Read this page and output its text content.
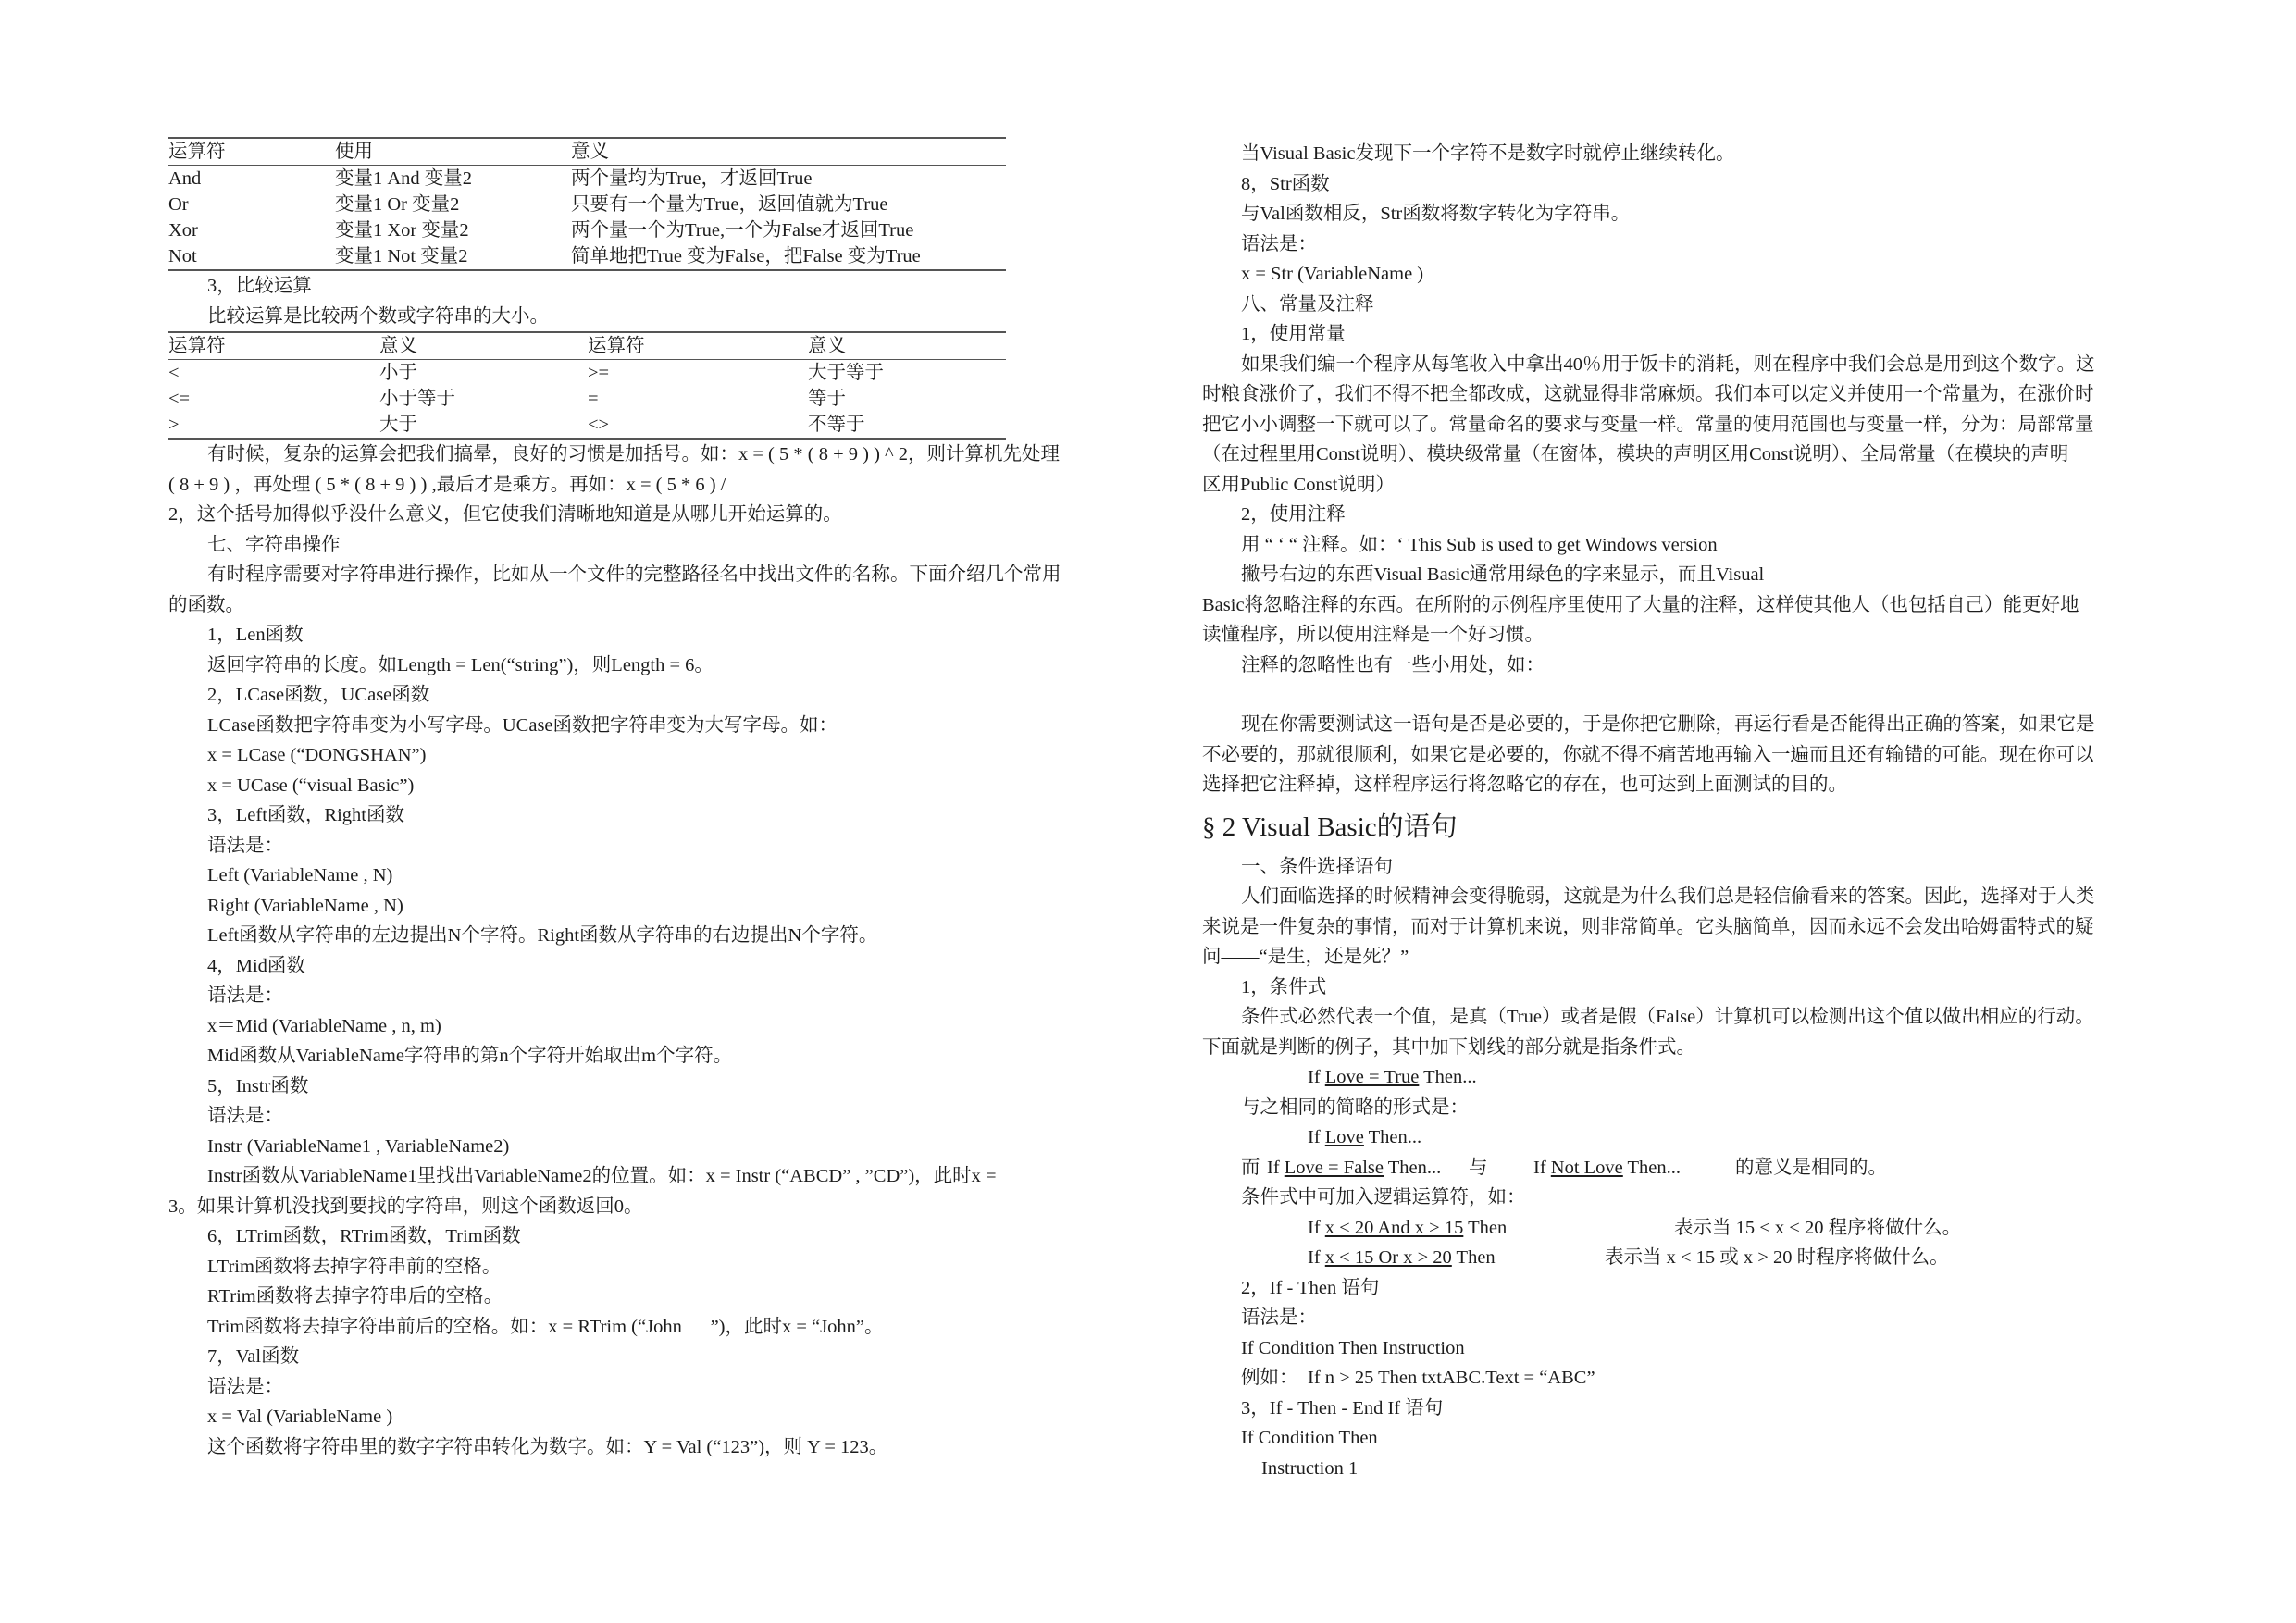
运算符	使用	意义
And	变量1 And 变量2	两个量均为True，才返回True
Or	变量1 Or 变量2	只要有一个量为True，返回值就为True
Xor	变量1 Xor 变量2	两个量一个为True,一个为False才返回True
Not	变量1 Not 变量2	简单地把True 变为False，把False 变为True
3，比较运算
比较运算是比较两个数或字符串的大小。
运算符	意义	运算符	意义
<	小于	>=	大于等于
<=	小于等于	=	等于
>	大于	<>	不等于
有时候，复杂的运算会把我们搞晕，良好的习惯是加括号。如：x = ( 5 * ( 8 + 9 ) ) ^ 2，则计算机先处理
( 8 + 9 ) ，再处理 ( 5 * ( 8 + 9 ) ) ,最后才是乘方。再如：x = ( 5 * 6 ) /
2，这个括号加得似乎没什么意义，但它使我们清晰地知道是从哪儿开始运算的。
七、字符串操作
有时程序需要对字符串进行操作，比如从一个文件的完整路径名中找出文件的名称。下面介绍几个常用
的函数。
1，Len函数
返回字符串的长度。如Length = Len(“string”)，则Length = 6。
2，LCase函数，UCase函数
LCase函数把字符串变为小写字母。UCase函数把字符串变为大写字母。如：
x = LCase (“DONGSHAN”)
x = UCase (“visual Basic”)
3，Left函数，Right函数
语法是：
Left (VariableName , N)
Right (VariableName , N)
Left函数从字符串的左边提出N个字符。Right函数从字符串的右边提出N个字符。
4，Mid函数
语法是：
x＝Mid (VariableName , n, m)
Mid函数从VariableName字符串的第n个字符开始取出m个字符。
5，Instr函数
语法是：
Instr (VariableName1 , VariableName2)
Instr函数从VariableName1里找出VariableName2的位置。如：x = Instr (“ABCD” , ”CD”)，此时x =
3。如果计算机没找到要找的字符串，则这个函数返回0。
6，LTrim函数，RTrim函数，Trim函数
LTrim函数将去掉字符串前的空格。
RTrim函数将去掉字符串后的空格。
Trim函数将去掉字符串前后的空格。如：x = RTrim (“John      ”)，此时x = “John”。
7，Val函数
语法是：
x = Val (VariableName )
这个函数将字符串里的数字字符串转化为数字。如：Y = Val (“123”)，则 Y = 123。
当Visual Basic发现下一个字符不是数字时就停止继续转化。
8，Str函数
与Val函数相反，Str函数将数字转化为字符串。
语法是：
x = Str (VariableName )
八、常量及注释
1，使用常量
如果我们编一个程序从每笔收入中拿出40％用于饭卡的消耗，则在程序中我们会总是用到这个数字。这
时粮食涨价了，我们不得不把全都改成，这就显得非常麻烦。我们本可以定义并使用一个常量为，在涨价时
把它小小调整一下就可以了。常量命名的要求与变量一样。常量的使用范围也与变量一样，分为：局部常量
（在过程里用Const说明）、模块级常量（在窗体，模块的声明区用Const说明）、全局常量（在模块的声明
区用Public Const说明）
2，使用注释
用 “ ‘ “ 注释。如：‘ This Sub is used to get Windows version
撇号右边的东西Visual Basic通常用绿色的字来显示，而且Visual
Basic将忽略注释的东西。在所附的示例程序里使用了大量的注释，这样使其他人（也包括自己）能更好地
读懂程序，所以使用注释是一个好习惯。
注释的忽略性也有一些小用处，如：
现在你需要测试这一语句是否是必要的，于是你把它删除，再运行看是否能得出正确的答案，如果它是
不必要的，那就很顺利，如果它是必要的，你就不得不痛苦地再输入一遍而且还有输错的可能。现在你可以
选择把它注释掉，这样程序运行将忽略它的存在，也可达到上面测试的目的。
§ 2 Visual Basic的语句
一、条件选择语句
人们面临选择的时候精神会变得脆弱，这就是为什么我们总是轻信偷看来的答案。因此，选择对于人类
来说是一件复杂的事情，而对于计算机来说，则非常简单。它头脑简单，因而永远不会发出哈姆雷特式的疑
问——“是生，还是死？”
1，条件式
条件式必然代表一个值，是真（True）或者是假（False）计算机可以检测出这个值以做出相应的行动。
下面就是判断的例子，其中加下划线的部分就是指条件式。
If Love = True Then...
与之相同的简略的形式是：
If Love Then...
而 If Love = False Then... 与 If Not Love Then...	的意义是相同的。
条件式中可加入逻辑运算符，如：
If x < 20 And x > 15 Then	表示当 15 < x < 20 程序将做什么。
If x < 15 Or x > 20 Then	表示当 x < 15 或 x > 20 时程序将做什么。
2，If - Then 语句
语法是：
If Condition Then Instruction
例如： If n > 25 Then txtABC.Text = “ABC”
3，If - Then - End If 语句
If Condition Then
Instruction 1
